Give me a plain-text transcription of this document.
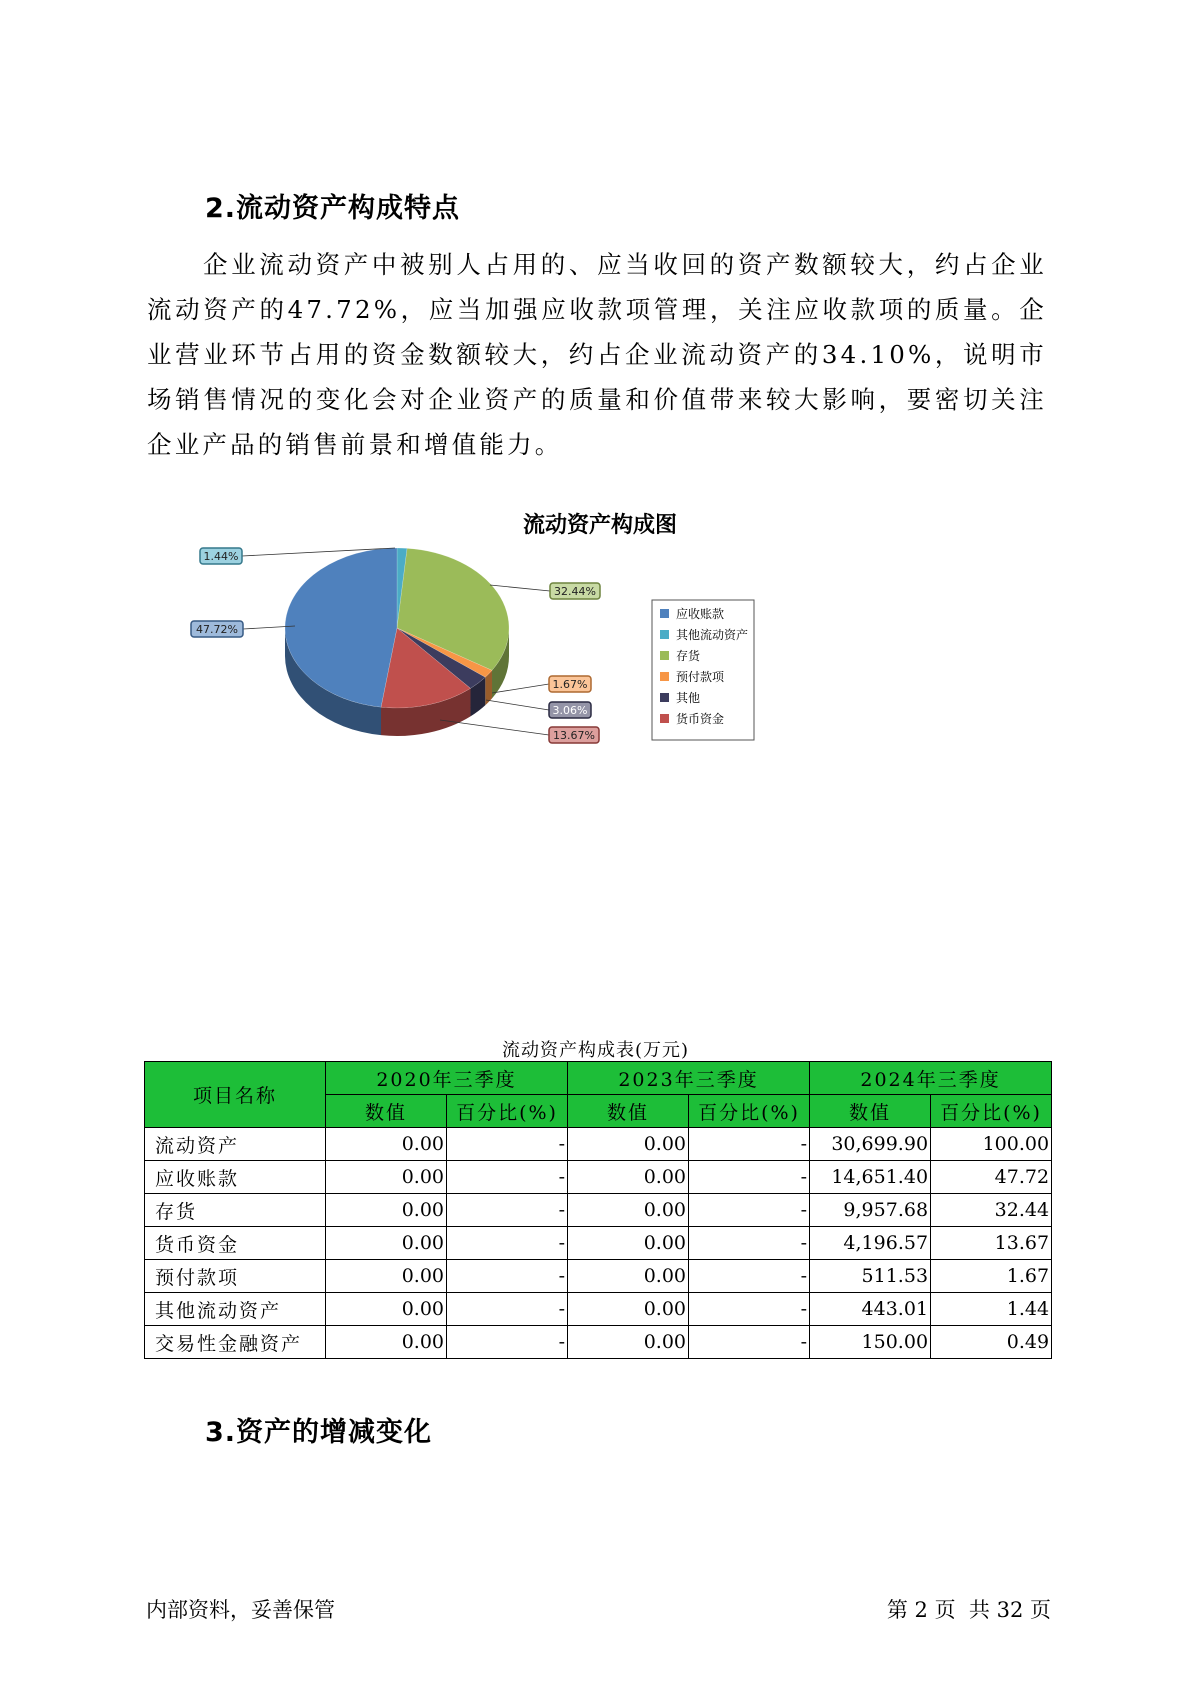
2.流动资产构成特点
企业流动资产中被别人占用的、应当收回的资产数额较大，约占企业流动资产的47.72%，应当加强应收款项管理，关注应收款项的质量。企业营业环节占用的资金数额较大，约占企业流动资产的34.10%，说明市场销售情况的变化会对企业资产的质量和价值带来较大影响，要密切关注企业产品的销售前景和增值能力。
流动资产构成图
47.72%
1.44%
32.44%
1.67%
3.06%
13.67%
应收账款
其他流动资产
存货
预付款项
其他
货币资金
流动资产构成表(万元)
项目名称	2020年三季度		2023年三季度		2024年三季度	
	数值	百分比(%)	数值	百分比(%)	数值	百分比(%)
流动资产	0.00	-	0.00	-	30,699.90	100.00
应收账款	0.00	-	0.00	-	14,651.40	47.72
存货	0.00	-	0.00	-	9,957.68	32.44
货币资金	0.00	-	0.00	-	4,196.57	13.67
预付款项	0.00	-	0.00	-	511.53	1.67
其他流动资产	0.00	-	0.00	-	443.01	1.44
交易性金融资产	0.00	-	0.00	-	150.00	0.49
3.资产的增减变化
内部资料，妥善保管	第 2 页  共 32 页
